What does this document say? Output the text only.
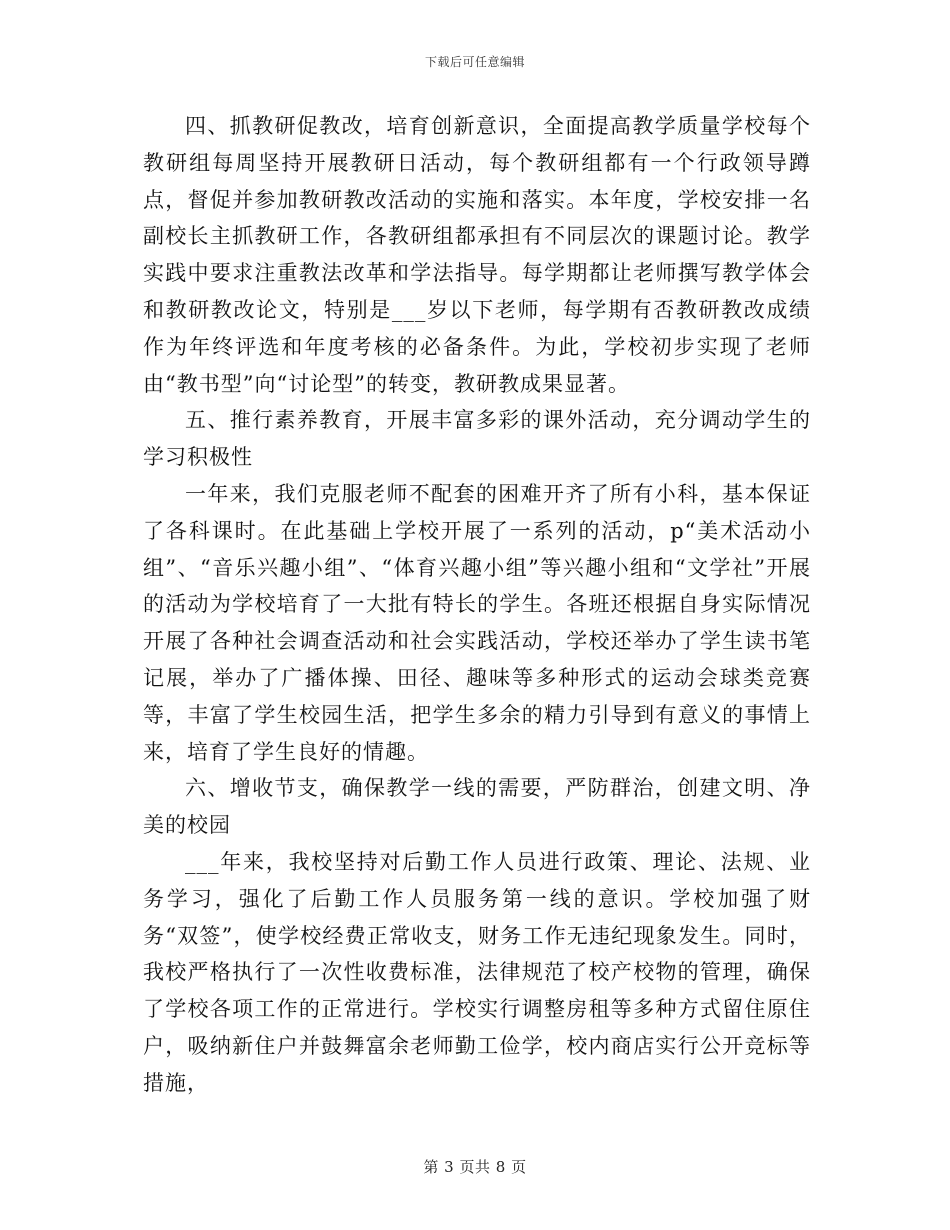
下载后可任意编辑

四、抓教研促教改，培育创新意识，全面提高教学质量学校每个教研组每周坚持开展教研日活动，每个教研组都有一个行政领导蹲点，督促并参加教研教改活动的实施和落实。本年度，学校安排一名副校长主抓教研工作，各教研组都承担有不同层次的课题讨论。教学实践中要求注重教法改革和学法指导。每学期都让老师撰写教学体会和教研教改论文，特别是___岁以下老师，每学期有否教研教改成绩作为年终评选和年度考核的必备条件。为此，学校初步实现了老师由“教书型”向“讨论型”的转变，教研教成果显著。

五、推行素养教育，开展丰富多彩的课外活动，充分调动学生的学习积极性

一年来，我们克服老师不配套的困难开齐了所有小科，基本保证了各科课时。在此基础上学校开展了一系列的活动，p“美术活动小组”、“音乐兴趣小组”、“体育兴趣小组”等兴趣小组和“文学社”开展的活动为学校培育了一大批有特长的学生。各班还根据自身实际情况开展了各种社会调查活动和社会实践活动，学校还举办了学生读书笔记展，举办了广播体操、田径、趣味等多种形式的运动会球类竞赛等，丰富了学生校园生活，把学生多余的精力引导到有意义的事情上来，培育了学生良好的情趣。

六、增收节支，确保教学一线的需要，严防群治，创建文明、净美的校园

___年来，我校坚持对后勤工作人员进行政策、理论、法规、业务学习，强化了后勤工作人员服务第一线的意识。学校加强了财务“双签”，使学校经费正常收支，财务工作无违纪现象发生。同时，我校严格执行了一次性收费标准，法律规范了校产校物的管理，确保了学校各项工作的正常进行。学校实行调整房租等多种方式留住原住户，吸纳新住户并鼓舞富余老师勤工俭学，校内商店实行公开竞标等措施，

第 3 页共 8 页
